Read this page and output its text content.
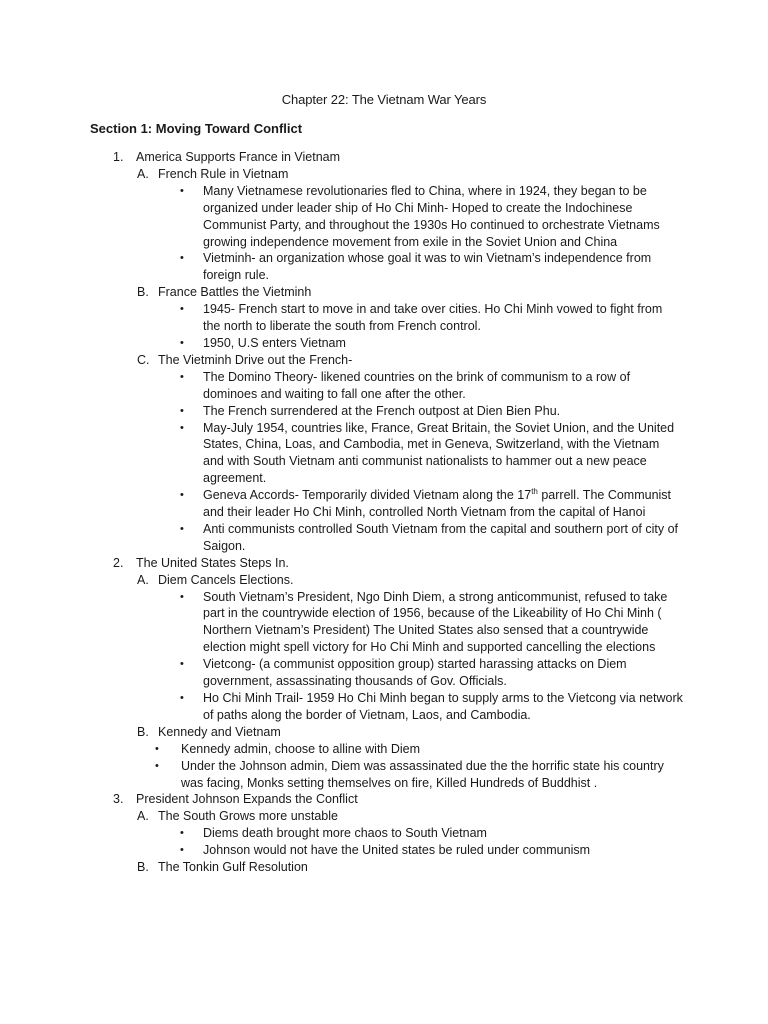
Chapter 22: The Vietnam War Years
Section 1: Moving Toward Conflict
1. America Supports France in Vietnam
A. French Rule in Vietnam
•	Many Vietnamese revolutionaries fled to China, where in 1924, they began to be organized under leader ship of Ho Chi Minh- Hoped to create the Indochinese Communist Party, and throughout the 1930s Ho continued to orchestrate Vietnams growing independence movement from exile in the Soviet Union and China
•	Vietminh- an organization whose goal it was to win Vietnam’s independence from foreign rule.
B. France Battles the Vietminh
•	1945- French start to move in and take over cities. Ho Chi Minh vowed to fight from the north to liberate the south from French control.
•	1950, U.S enters Vietnam
C. The Vietminh Drive out the French-
•	The Domino Theory- likened countries on the brink of communism to a row of dominoes and waiting to fall one after the other.
•	The French surrendered at the French outpost at Dien Bien Phu.
•	May-July 1954, countries like, France, Great Britain, the Soviet Union, and the United States, China, Loas, and Cambodia, met in Geneva, Switzerland, with the Vietnam and with South Vietnam anti communist nationalists to hammer out a new peace agreement.
•	Geneva Accords- Temporarily divided Vietnam along the 17th parrell. The Communist and their leader Ho Chi Minh, controlled North Vietnam from the capital of Hanoi
•	Anti communists controlled South Vietnam from the capital and southern port of city of Saigon.
2. The United States Steps In.
A. Diem Cancels Elections.
•	South Vietnam’s President, Ngo Dinh Diem, a strong anticommunist, refused to take part in the countrywide election of 1956, because of the Likeability of Ho Chi Minh ( Northern Vietnam’s President) The United States also sensed that a countrywide election might spell victory for Ho Chi Minh and supported cancelling the elections
•	Vietcong- (a communist opposition group) started harassing attacks on Diem government, assassinating thousands of Gov. Officials.
•	Ho Chi Minh Trail- 1959 Ho Chi Minh began to supply arms to the Vietcong via network of paths along the border of Vietnam, Laos, and Cambodia.
B. Kennedy and Vietnam
•	Kennedy admin, choose to alline with Diem
•	Under the Johnson admin, Diem was assassinated due the the horrific state his country was facing, Monks setting themselves on fire, Killed Hundreds of Buddhist .
3. President Johnson Expands the Conflict
A. The South Grows more unstable
•	Diems death brought more chaos to South Vietnam
•	Johnson would not have the United states be ruled under communism
B. The Tonkin Gulf Resolution
